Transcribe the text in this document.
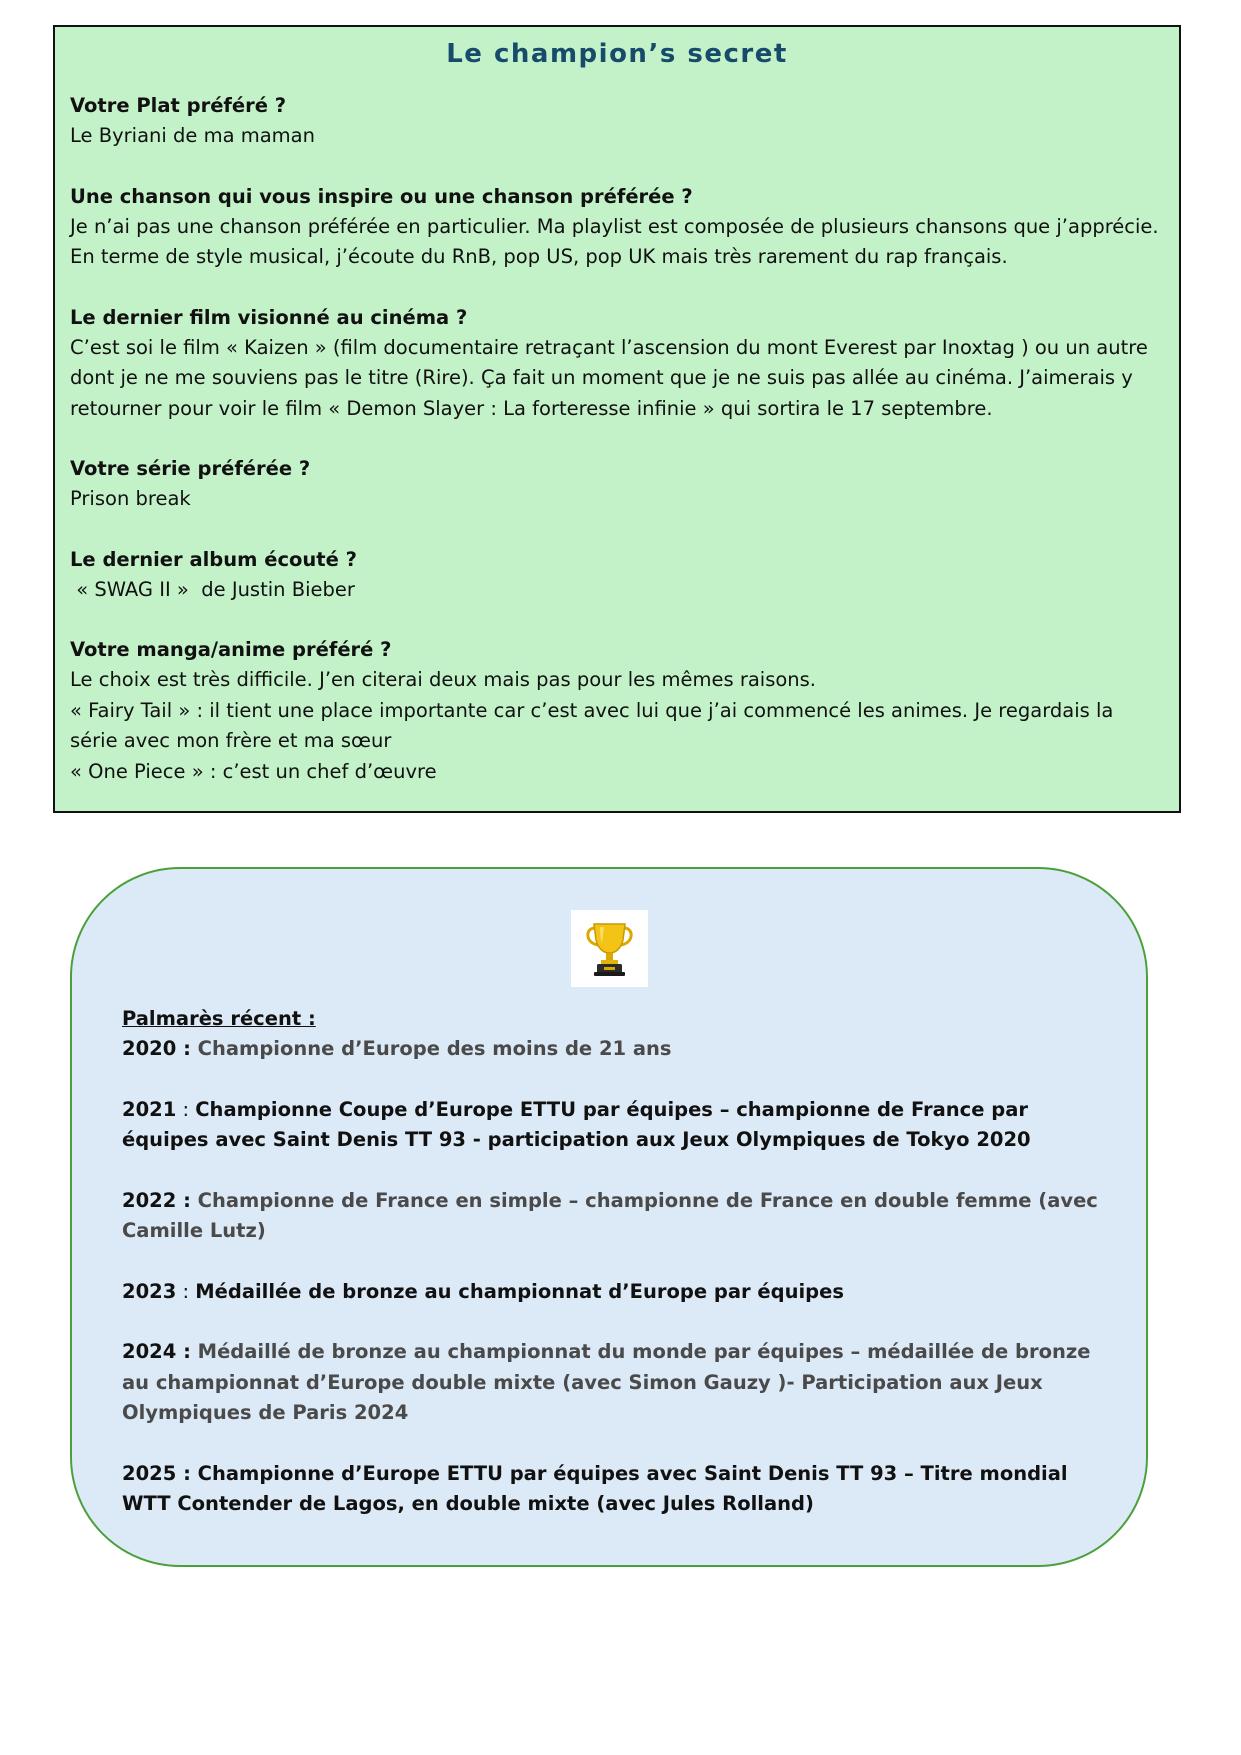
Le champion’s secret

Votre Plat préféré ?

Le Byriani de ma maman

Une chanson qui vous inspire ou une chanson préférée ?

Je n’ai pas une chanson préférée en particulier. Ma playlist est composée de plusieurs chansons que j’apprécie. En terme de style musical, j’écoute du RnB, pop US, pop UK mais très rarement du rap français.

Le dernier film visionné au cinéma ?

C’est soi le film « Kaizen » (film documentaire retraçant l’ascension du mont Everest par Inoxtag ) ou un autre dont je ne me souviens pas le titre (Rire). Ça fait un moment que je ne suis pas allée au cinéma. J’aimerais y retourner pour voir le film « Demon Slayer : La forteresse infinie » qui sortira le 17 septembre.

Votre série préférée ?

Prison break

Le dernier album écouté ?

« SWAG II »  de Justin Bieber

Votre manga/anime préféré ?

Le choix est très difficile. J’en citerai deux mais pas pour les mêmes raisons.

« Fairy Tail » : il tient une place importante car c’est avec lui que j’ai commencé les animes. Je regardais la série avec mon frère et ma sœur

« One Piece » : c’est un chef d’œuvre

Palmarès récent :

2020 : Championne d’Europe des moins de 21 ans

2021 : Championne Coupe d’Europe ETTU par équipes – championne de France par équipes avec Saint Denis TT 93 - participation aux Jeux Olympiques de Tokyo 2020

2022 : Championne de France en simple – championne de France en double femme (avec Camille Lutz)

2023 : Médaillée de bronze au championnat d’Europe par équipes

2024 : Médaillé de bronze au championnat du monde par équipes – médaillée de bronze au championnat d’Europe double mixte (avec Simon Gauzy )- Participation aux Jeux Olympiques de Paris 2024

2025 : Championne d’Europe ETTU par équipes avec Saint Denis TT 93 – Titre mondial WTT Contender de Lagos, en double mixte (avec Jules Rolland)
